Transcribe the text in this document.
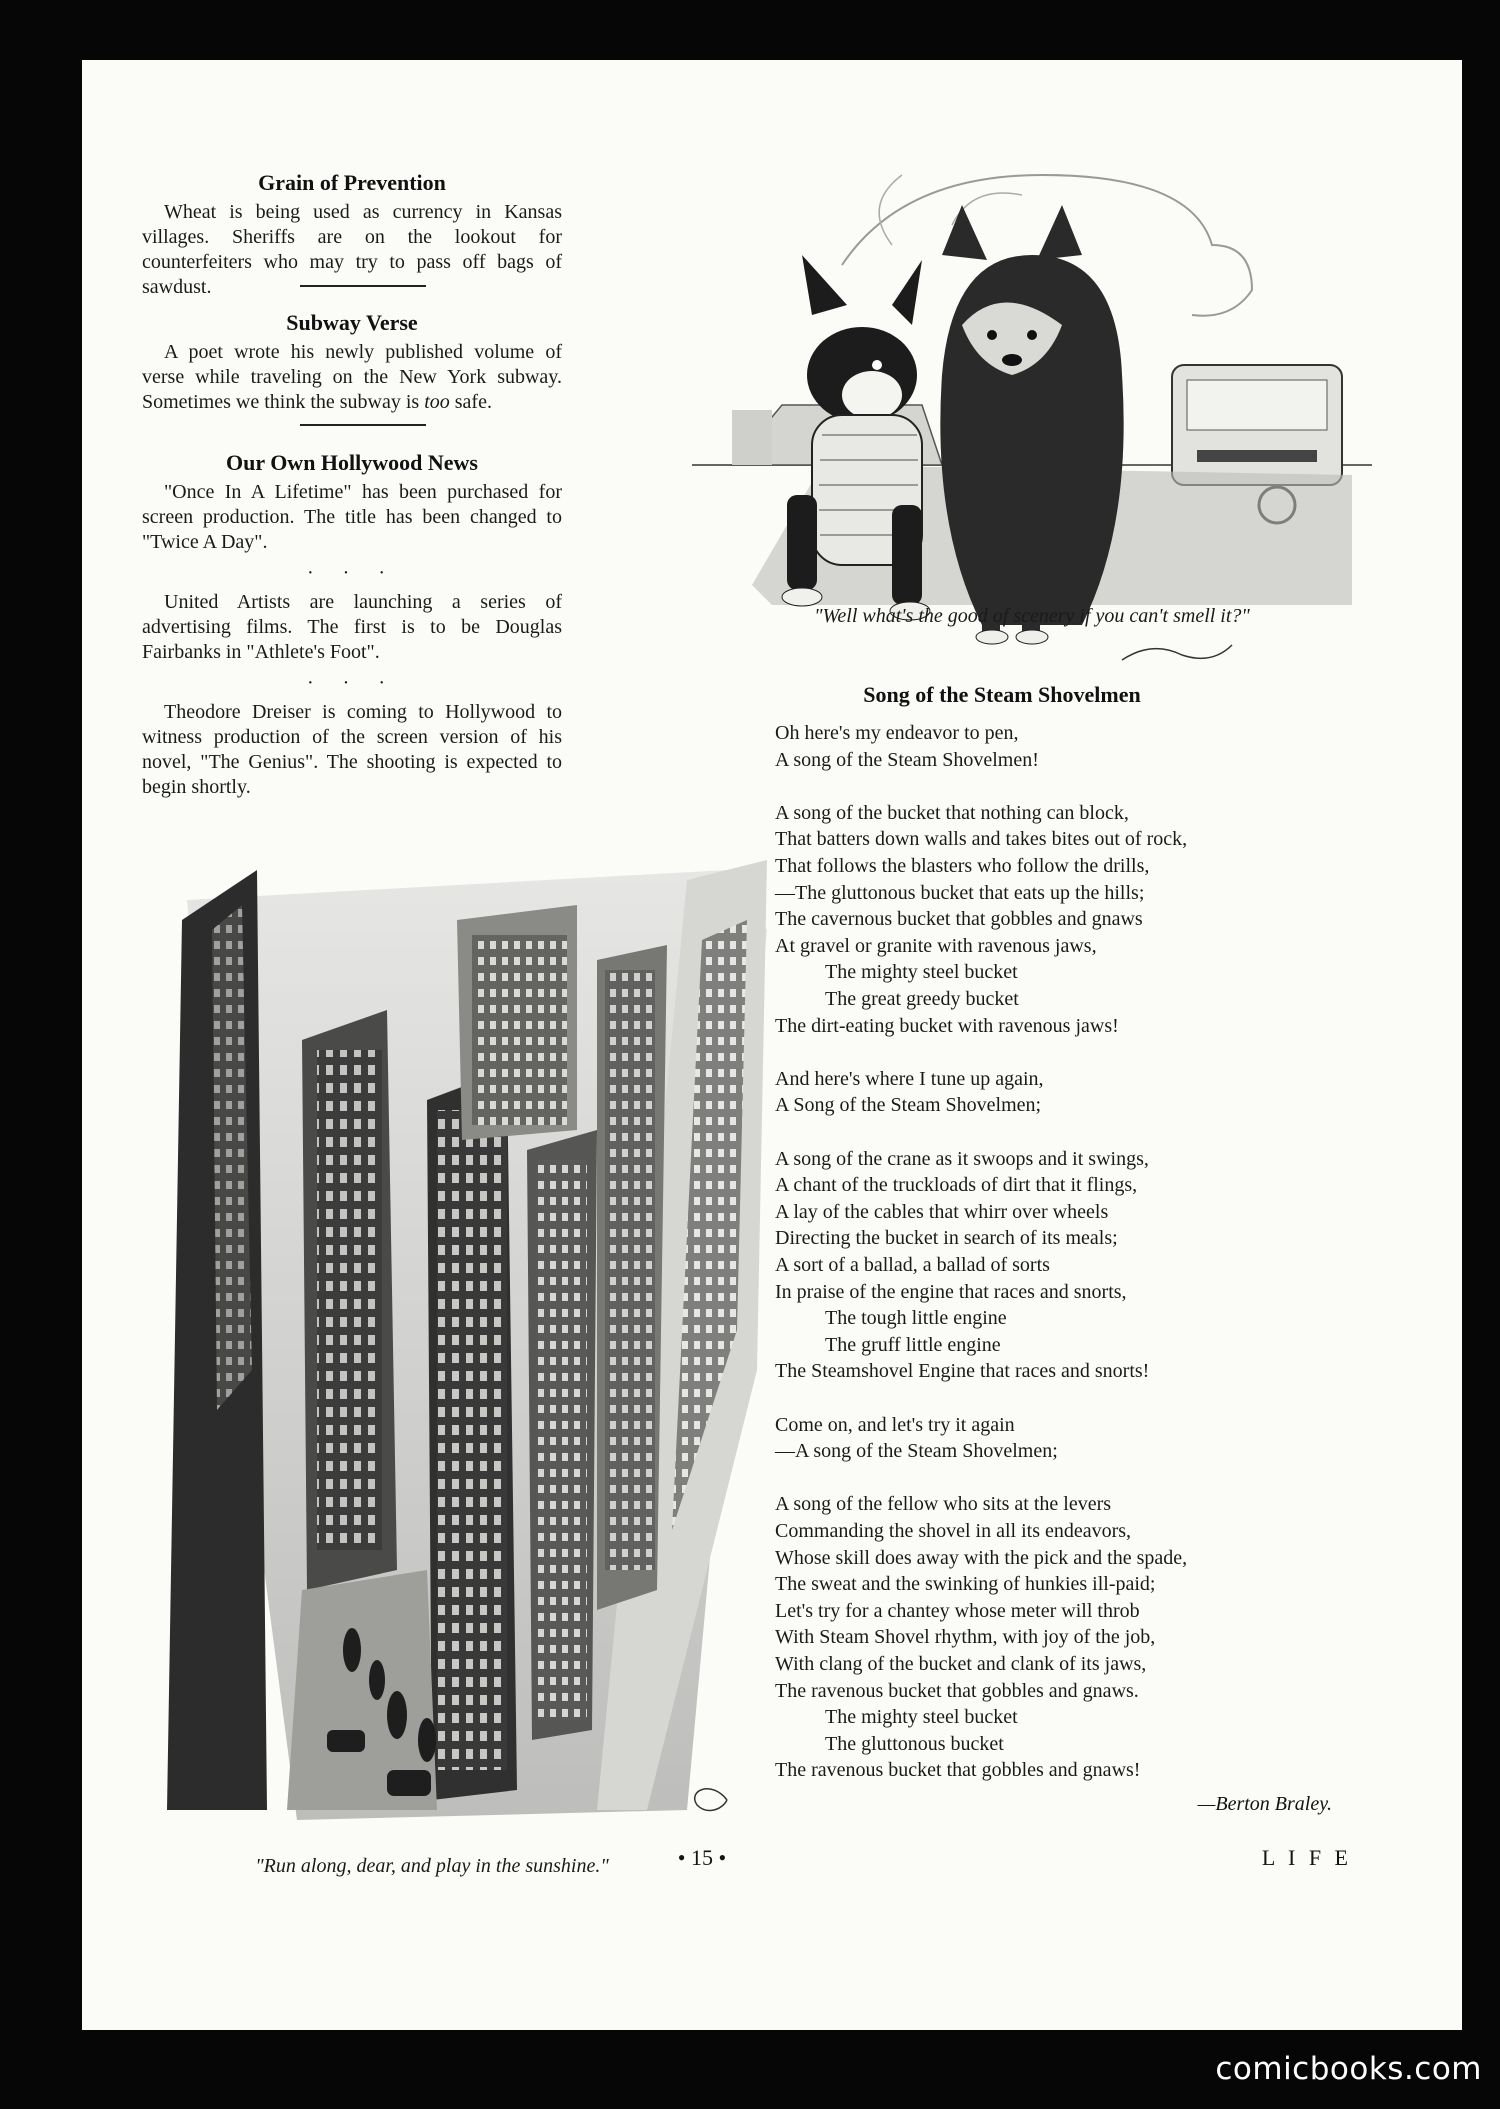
Grain of Prevention
Wheat is being used as currency in Kansas villages. Sheriffs are on the lookout for counterfeiters who may try to pass off bags of sawdust.
Subway Verse
A poet wrote his newly published volume of verse while traveling on the New York subway. Sometimes we think the subway is too safe.
Our Own Hollywood News
"Once In A Lifetime" has been purchased for screen production. The title has been changed to "Twice A Day".
· · ·
United Artists are launching a series of advertising films. The first is to be Douglas Fairbanks in "Athlete's Foot".
· · ·
Theodore Dreiser is coming to Hollywood to witness production of the screen version of his novel, "The Genius". The shooting is expected to begin shortly.
"Run along, dear, and play in the sunshine."
"Well what's the good of scenery if you can't smell it?"
Song of the Steam Shovelmen
Oh here's my endeavor to pen,
A song of the Steam Shovelmen!
A song of the bucket that nothing can block,
That batters down walls and takes bites out of rock,
That follows the blasters who follow the drills,
—The gluttonous bucket that eats up the hills;
The cavernous bucket that gobbles and gnaws
At gravel or granite with ravenous jaws,
The mighty steel bucket
The great greedy bucket
The dirt-eating bucket with ravenous jaws!
And here's where I tune up again,
A Song of the Steam Shovelmen;
A song of the crane as it swoops and it swings,
A chant of the truckloads of dirt that it flings,
A lay of the cables that whirr over wheels
Directing the bucket in search of its meals;
A sort of a ballad, a ballad of sorts
In praise of the engine that races and snorts,
The tough little engine
The gruff little engine
The Steamshovel Engine that races and snorts!
Come on, and let's try it again
—A song of the Steam Shovelmen;
A song of the fellow who sits at the levers
Commanding the shovel in all its endeavors,
Whose skill does away with the pick and the spade,
The sweat and the swinking of hunkies ill-paid;
Let's try for a chantey whose meter will throb
With Steam Shovel rhythm, with joy of the job,
With clang of the bucket and clank of its jaws,
The ravenous bucket that gobbles and gnaws.
The mighty steel bucket
The gluttonous bucket
The ravenous bucket that gobbles and gnaws!
—Berton Braley.
• 15 •	L I F E
comicbooks.com
